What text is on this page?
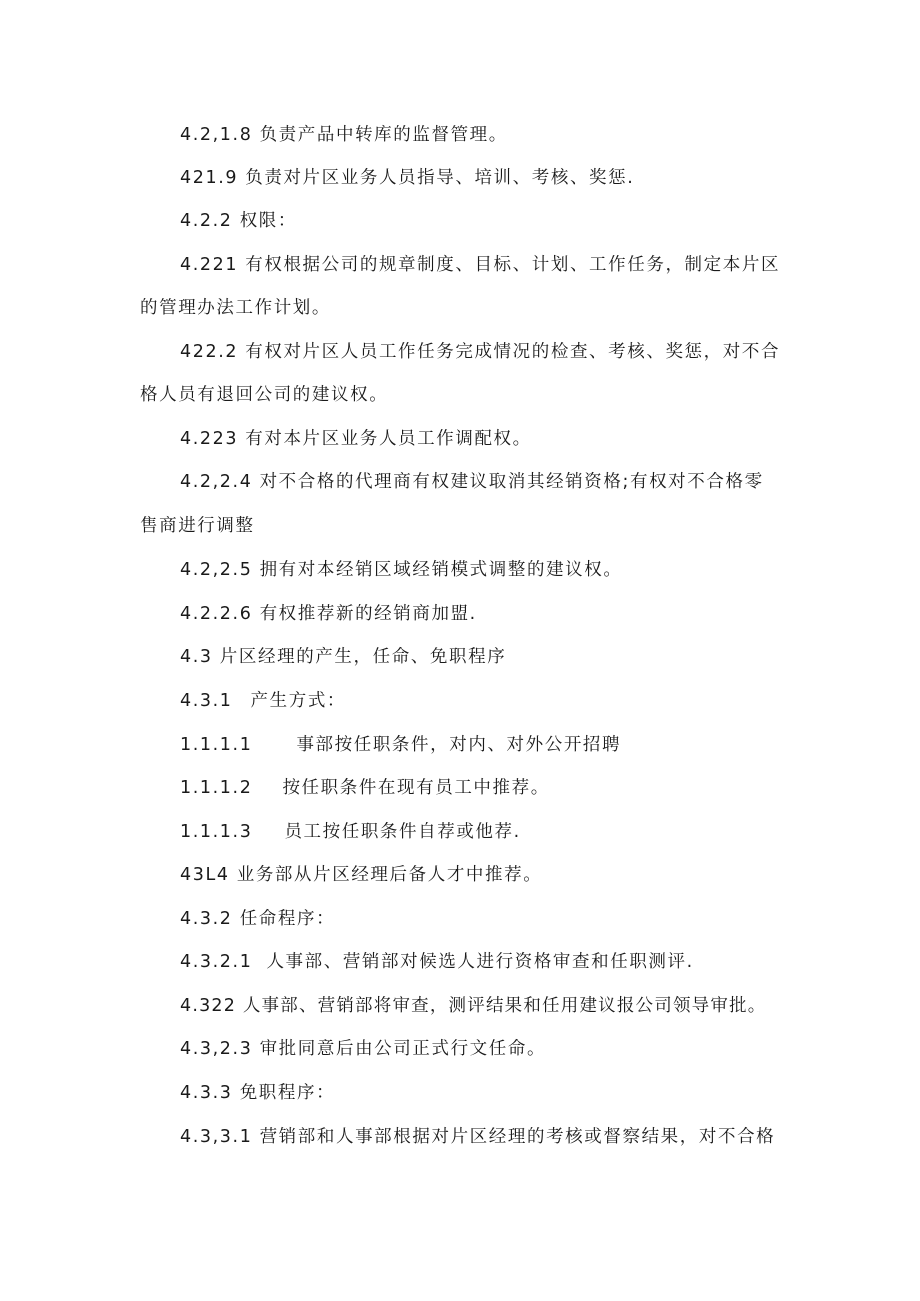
4.2,1.8 负责产品中转库的监督管理。
421.9 负责对片区业务人员指导、培训、考核、奖惩.
4.2.2 权限：
4.221 有权根据公司的规章制度、目标、计划、工作任务，制定本片区
的管理办法工作计划。
422.2 有权对片区人员工作任务完成情况的检查、考核、奖惩，对不合
格人员有退回公司的建议权。
4.223 有对本片区业务人员工作调配权。
4.2,2.4 对不合格的代理商有权建议取消其经销资格;有权对不合格零
售商进行调整
4.2,2.5 拥有对本经销区域经销模式调整的建议权。
4.2.2.6 有权推荐新的经销商加盟.
4.3 片区经理的产生，任命、免职程序
4.3.1 产生方式：
1.1.1.1	事部按任职条件，对内、对外公开招聘
1.1.1.2 按任职条件在现有员工中推荐。
1.1.1.3 员工按任职条件自荐或他荐.
43L4 业务部从片区经理后备人才中推荐。
4.3.2 任命程序：
4.3.2.1 人事部、营销部对候选人进行资格审查和任职测评.
4.322 人事部、营销部将审查，测评结果和任用建议报公司领导审批。
4.3,2.3 审批同意后由公司正式行文任命。
4.3.3 免职程序：
4.3,3.1 营销部和人事部根据对片区经理的考核或督察结果，对不合格
